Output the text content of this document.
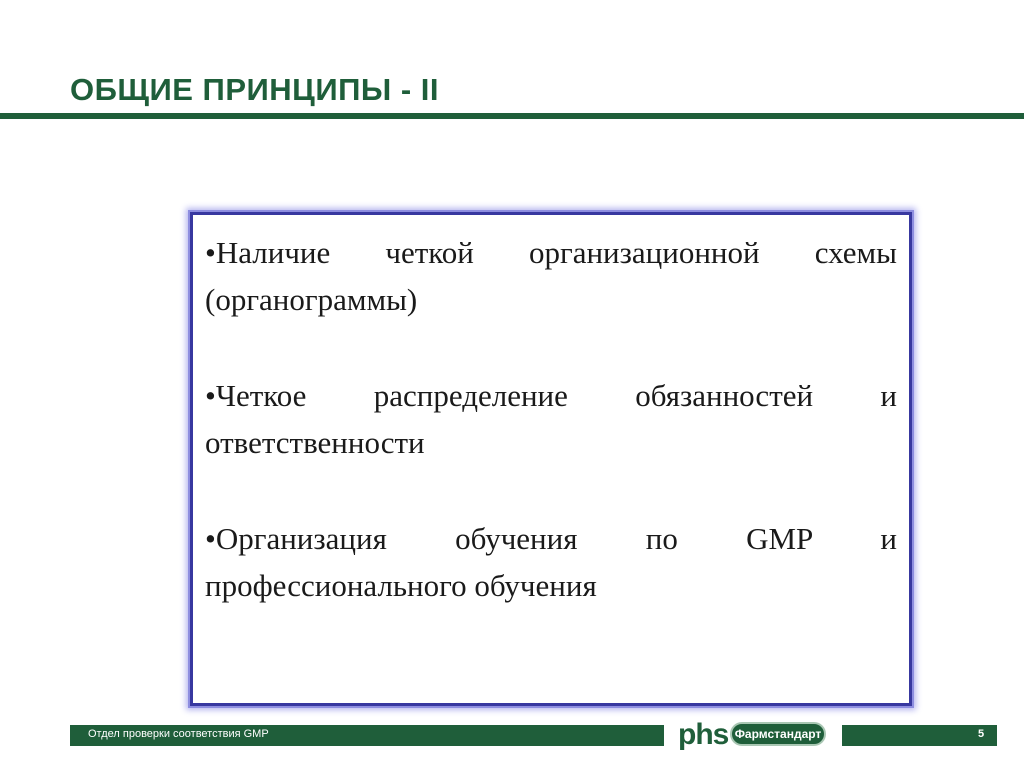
ОБЩИЕ ПРИНЦИПЫ - II

•Наличие четкой организационной схемы (органограммы)

•Четкое распределение обязанностей и ответственности

•Организация обучения по GMP и профессионального обучения

Отдел проверки соответствия GMP	phs Фармстандарт	5
